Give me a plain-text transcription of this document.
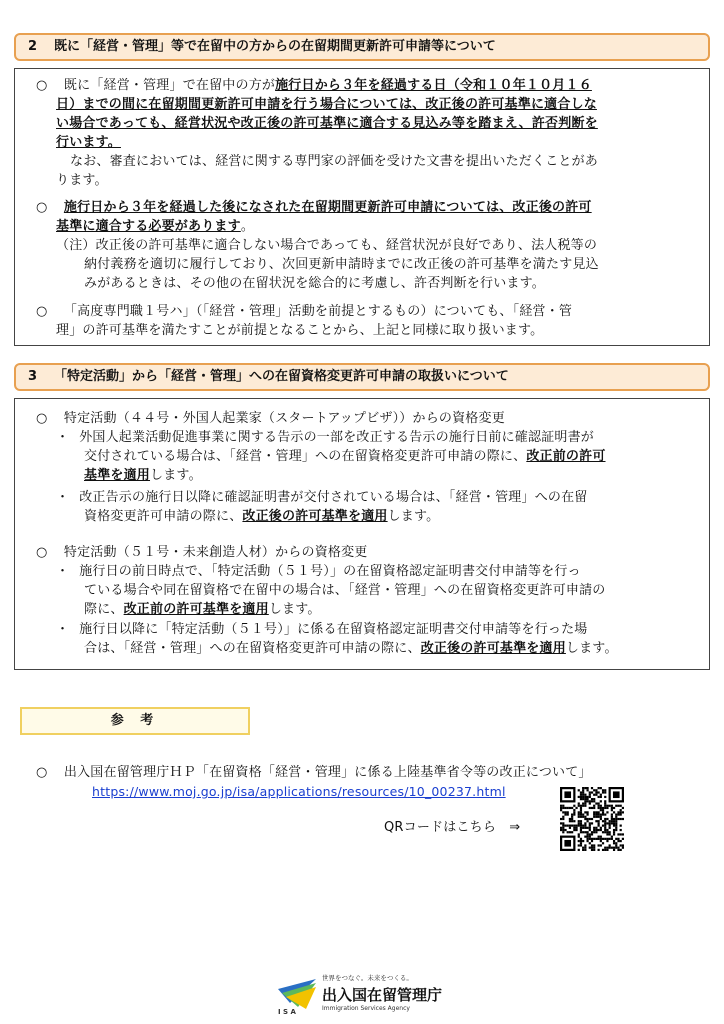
2 既に「経営・管理」等で在留中の方からの在留期間更新許可申請等について
○ 既に「経営・管理」で在留中の方が施行日から３年を経過する日（令和１０年１０月１６
日）までの間に在留期間更新許可申請を行う場合については、改正後の許可基準に適合しな
い場合であっても、経営状況や改正後の許可基準に適合する見込み等を踏まえ、許否判断を
行います。
なお、審査においては、経営に関する専門家の評価を受けた文書を提出いただくことがあ
ります。
○ 施行日から３年を経過した後になされた在留期間更新許可申請については、改正後の許可
基準に適合する必要があります。
（注）改正後の許可基準に適合しない場合であっても、経営状況が良好であり、法人税等の
納付義務を適切に履行しており、次回更新申請時までに改正後の許可基準を満たす見込
みがあるときは、その他の在留状況を総合的に考慮し、許否判断を行います。
○ 「高度専門職１号ハ」（「経営・管理」活動を前提とするもの）についても、「経営・管
理」の許可基準を満たすことが前提となることから、上記と同様に取り扱います。
3 「特定活動」から「経営・管理」への在留資格変更許可申請の取扱いについて
○ 特定活動（４４号・外国人起業家（スタートアップビザ））からの資格変更
・ 外国人起業活動促進事業に関する告示の一部を改正する告示の施行日前に確認証明書が
交付されている場合は、「経営・管理」への在留資格変更許可申請の際に、改正前の許可
基準を適用します。
・ 改正告示の施行日以降に確認証明書が交付されている場合は、「経営・管理」への在留
資格変更許可申請の際に、改正後の許可基準を適用します。
○ 特定活動（５１号・未来創造人材）からの資格変更
・ 施行日の前日時点で、「特定活動（５１号）」の在留資格認定証明書交付申請等を行っ
ている場合や同在留資格で在留中の場合は、「経営・管理」への在留資格変更許可申請の
際に、改正前の許可基準を適用します。
・ 施行日以降に「特定活動（５１号）」に係る在留資格認定証明書交付申請等を行った場
合は、「経営・管理」への在留資格変更許可申請の際に、改正後の許可基準を適用します。
参 考
○ 出入国在留管理庁ＨＰ「在留資格「経営・管理」に係る上陸基準省令等の改正について」
https://www.moj.go.jp/isa/applications/resources/10_00237.html
QRコードはこちら　⇒
I S A
世界をつなぐ。未来をつくる。
出入国在留管理庁
Immigration Services Agency
